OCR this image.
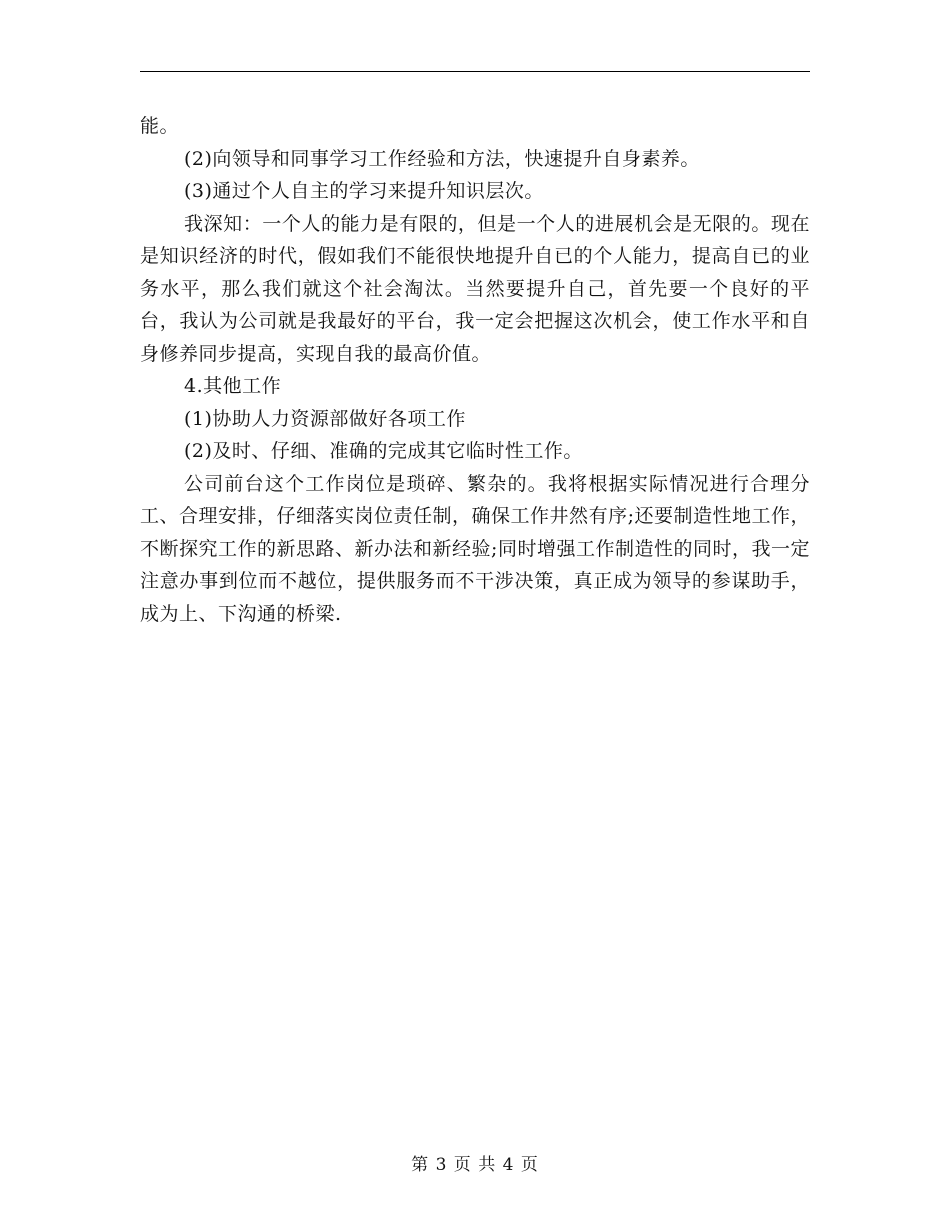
能。

(2)向领导和同事学习工作经验和方法，快速提升自身素养。

(3)通过个人自主的学习来提升知识层次。

我深知：一个人的能力是有限的，但是一个人的进展机会是无限的。现在是知识经济的时代，假如我们不能很快地提升自已的个人能力，提高自已的业务水平，那么我们就这个社会淘汰。当然要提升自己，首先要一个良好的平台，我认为公司就是我最好的平台，我一定会把握这次机会，使工作水平和自身修养同步提高，实现自我的最高价值。

4.其他工作

(1)协助人力资源部做好各项工作

(2)及时、仔细、准确的完成其它临时性工作。

公司前台这个工作岗位是琐碎、繁杂的。我将根据实际情况进行合理分工、合理安排，仔细落实岗位责任制，确保工作井然有序;还要制造性地工作，不断探究工作的新思路、新办法和新经验;同时增强工作制造性的同时，我一定注意办事到位而不越位，提供服务而不干涉决策，真正成为领导的参谋助手，成为上、下沟通的桥梁.

第 3 页 共 4 页
